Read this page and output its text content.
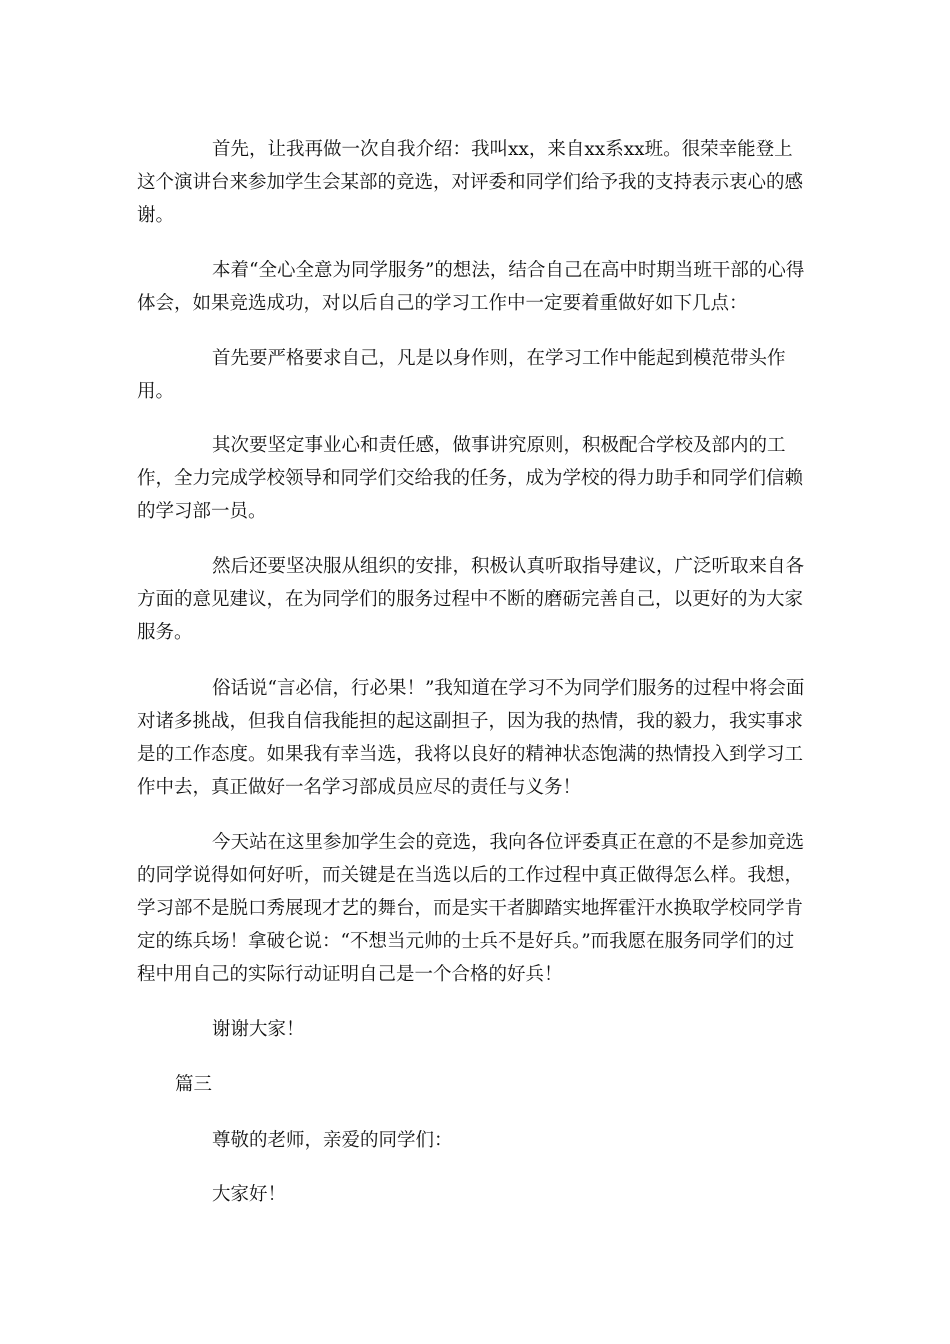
首先，让我再做一次自我介绍：我叫xx，来自xx系xx班。很荣幸能登上这个演讲台来参加学生会某部的竞选，对评委和同学们给予我的支持表示衷心的感谢。

本着“全心全意为同学服务”的想法，结合自己在高中时期当班干部的心得体会，如果竞选成功，对以后自己的学习工作中一定要着重做好如下几点：

首先要严格要求自己，凡是以身作则，在学习工作中能起到模范带头作用。

其次要坚定事业心和责任感，做事讲究原则，积极配合学校及部内的工作，全力完成学校领导和同学们交给我的任务，成为学校的得力助手和同学们信赖的学习部一员。

然后还要坚决服从组织的安排，积极认真听取指导建议，广泛听取来自各方面的意见建议，在为同学们的服务过程中不断的磨砺完善自己，以更好的为大家服务。

俗话说“言必信，行必果！”我知道在学习不为同学们服务的过程中将会面对诸多挑战，但我自信我能担的起这副担子，因为我的热情，我的毅力，我实事求是的工作态度。如果我有幸当选，我将以良好的精神状态饱满的热情投入到学习工作中去，真正做好一名学习部成员应尽的责任与义务！

今天站在这里参加学生会的竞选，我向各位评委真正在意的不是参加竞选的同学说得如何好听，而关键是在当选以后的工作过程中真正做得怎么样。我想，学习部不是脱口秀展现才艺的舞台，而是实干者脚踏实地挥霍汗水换取学校同学肯定的练兵场！拿破仑说：“不想当元帅的士兵不是好兵。”而我愿在服务同学们的过程中用自己的实际行动证明自己是一个合格的好兵！

谢谢大家！

篇三

尊敬的老师，亲爱的同学们：

大家好！
